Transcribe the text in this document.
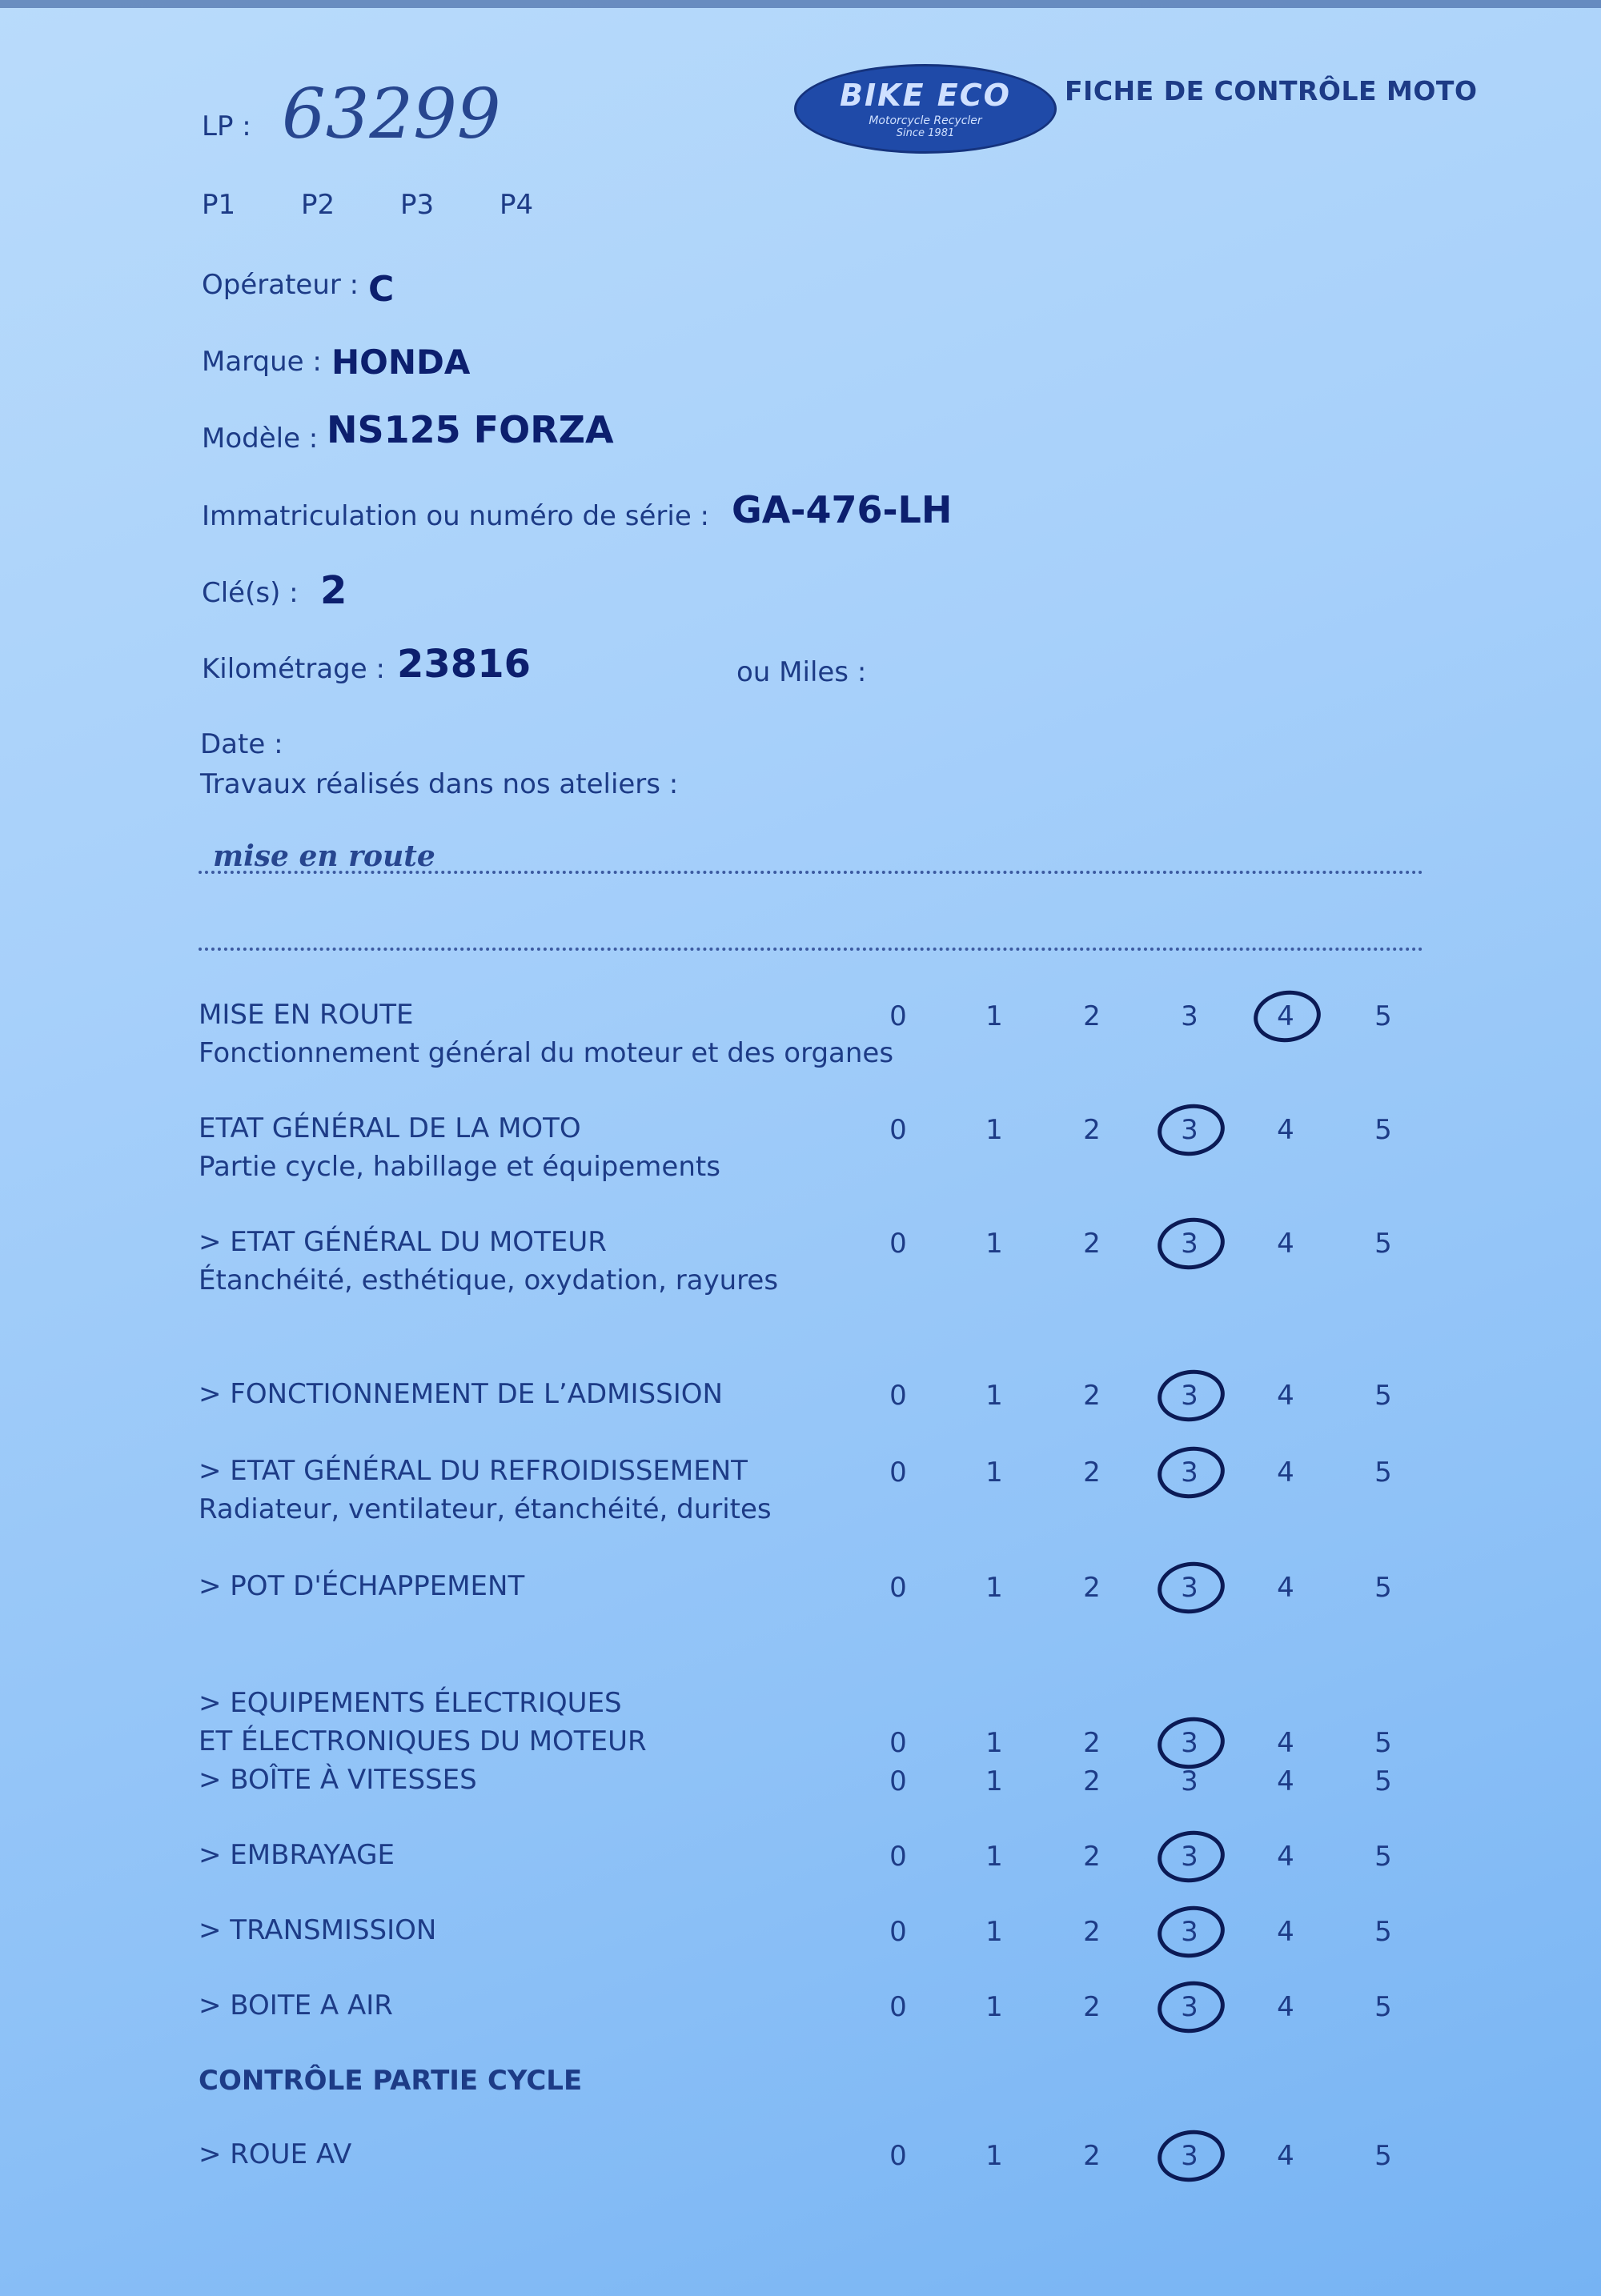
LP : 63299	BIKE ECO
Motorcycle Recycler
Since 1981
FICHE DE CONTRÔLE MOTO
P1 P2 P3 P4
Opérateur : C
Marque : HONDA
Modèle : NS125 FORZA
Immatriculation ou numéro de série : GA-476-LH
Clé(s) : 2
Kilométrage : 23816	ou Miles :
Date :
Travaux réalisés dans nos ateliers :
mise en route
MISE EN ROUTE
Fonctionnement général du moteur et des organes
0	1	2	3	4	5
ETAT GÉNÉRAL DE LA MOTO
Partie cycle, habillage et équipements
0	1	2	3	4	5
> ETAT GÉNÉRAL DU MOTEUR
Étanchéité, esthétique, oxydation, rayures
0	1	2	3	4	5
> FONCTIONNEMENT DE L’ADMISSION	0	1	2	3	4	5
> ETAT GÉNÉRAL DU REFROIDISSEMENT
Radiateur, ventilateur, étanchéité, durites
0	1	2	3	4	5
> POT D'ÉCHAPPEMENT	0	1	2	3	4	5
> EQUIPEMENTS ÉLECTRIQUES
ET ÉLECTRONIQUES DU MOTEUR	0	1	2	3	4	5
> BOÎTE À VITESSES	0	1	2	3	4	5
> EMBRAYAGE	0	1	2	3	4	5
> TRANSMISSION	0	1	2	3	4	5
> BOITE A AIR	0	1	2	3	4	5
CONTRÔLE PARTIE CYCLE
> ROUE AV	0	1	2	3	4	5
